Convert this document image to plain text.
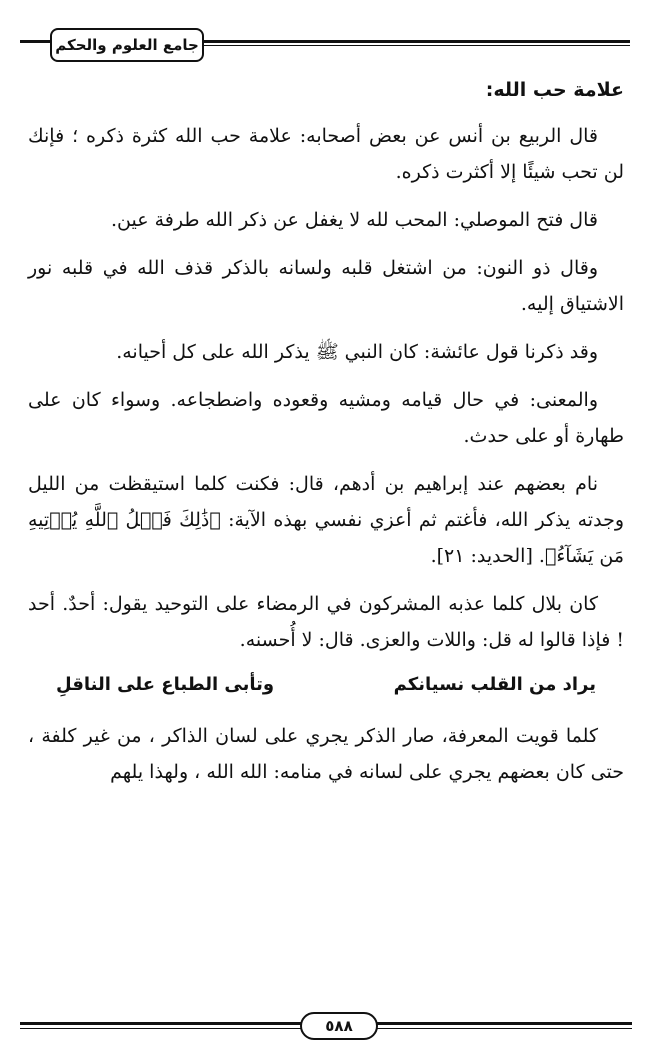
جامع العلوم والحكم
علامة حب الله:

قال الربيع بن أنس عن بعض أصحابه: علامة حب الله كثرة ذكره ؛ فإنك لن تحب شيئًا إلا أكثرت ذكره.

قال فتح الموصلي: المحب لله لا يغفل عن ذكر الله طرفة عين.

وقال ذو النون: من اشتغل قلبه ولسانه بالذكر قذف الله في قلبه نور الاشتياق إليه.

وقد ذكرنا قول عائشة: كان النبي ﷺ يذكر الله على كل أحيانه.

والمعنى: في حال قيامه ومشيه وقعوده واضطجاعه. وسواء كان على طهارة أو على حدث.

نام بعضهم عند إبراهيم بن أدهم، قال: فكنت كلما استيقظت من الليل وجدته يذكر الله، فأغتم ثم أعزي نفسي بهذه الآية: ﴿ذَٰلِكَ فَضۡلُ ٱللَّهِ يُؤۡتِيهِ مَن يَشَآءُ﴾. [الحديد: ٢١].

كان بلال كلما عذبه المشركون في الرمضاء على التوحيد يقول: أحدٌ. أحد ! فإذا قالوا له قل: واللات والعزى. قال: لا أُحسنه.

يراد من القلب نسيانكم
وتأبى الطباع على الناقلِ

كلما قويت المعرفة، صار الذكر يجري على لسان الذاكر ، من غير كلفة ، حتى كان بعضهم يجري على لسانه في منامه: الله الله ، ولهذا يلهم

٥٨٨
